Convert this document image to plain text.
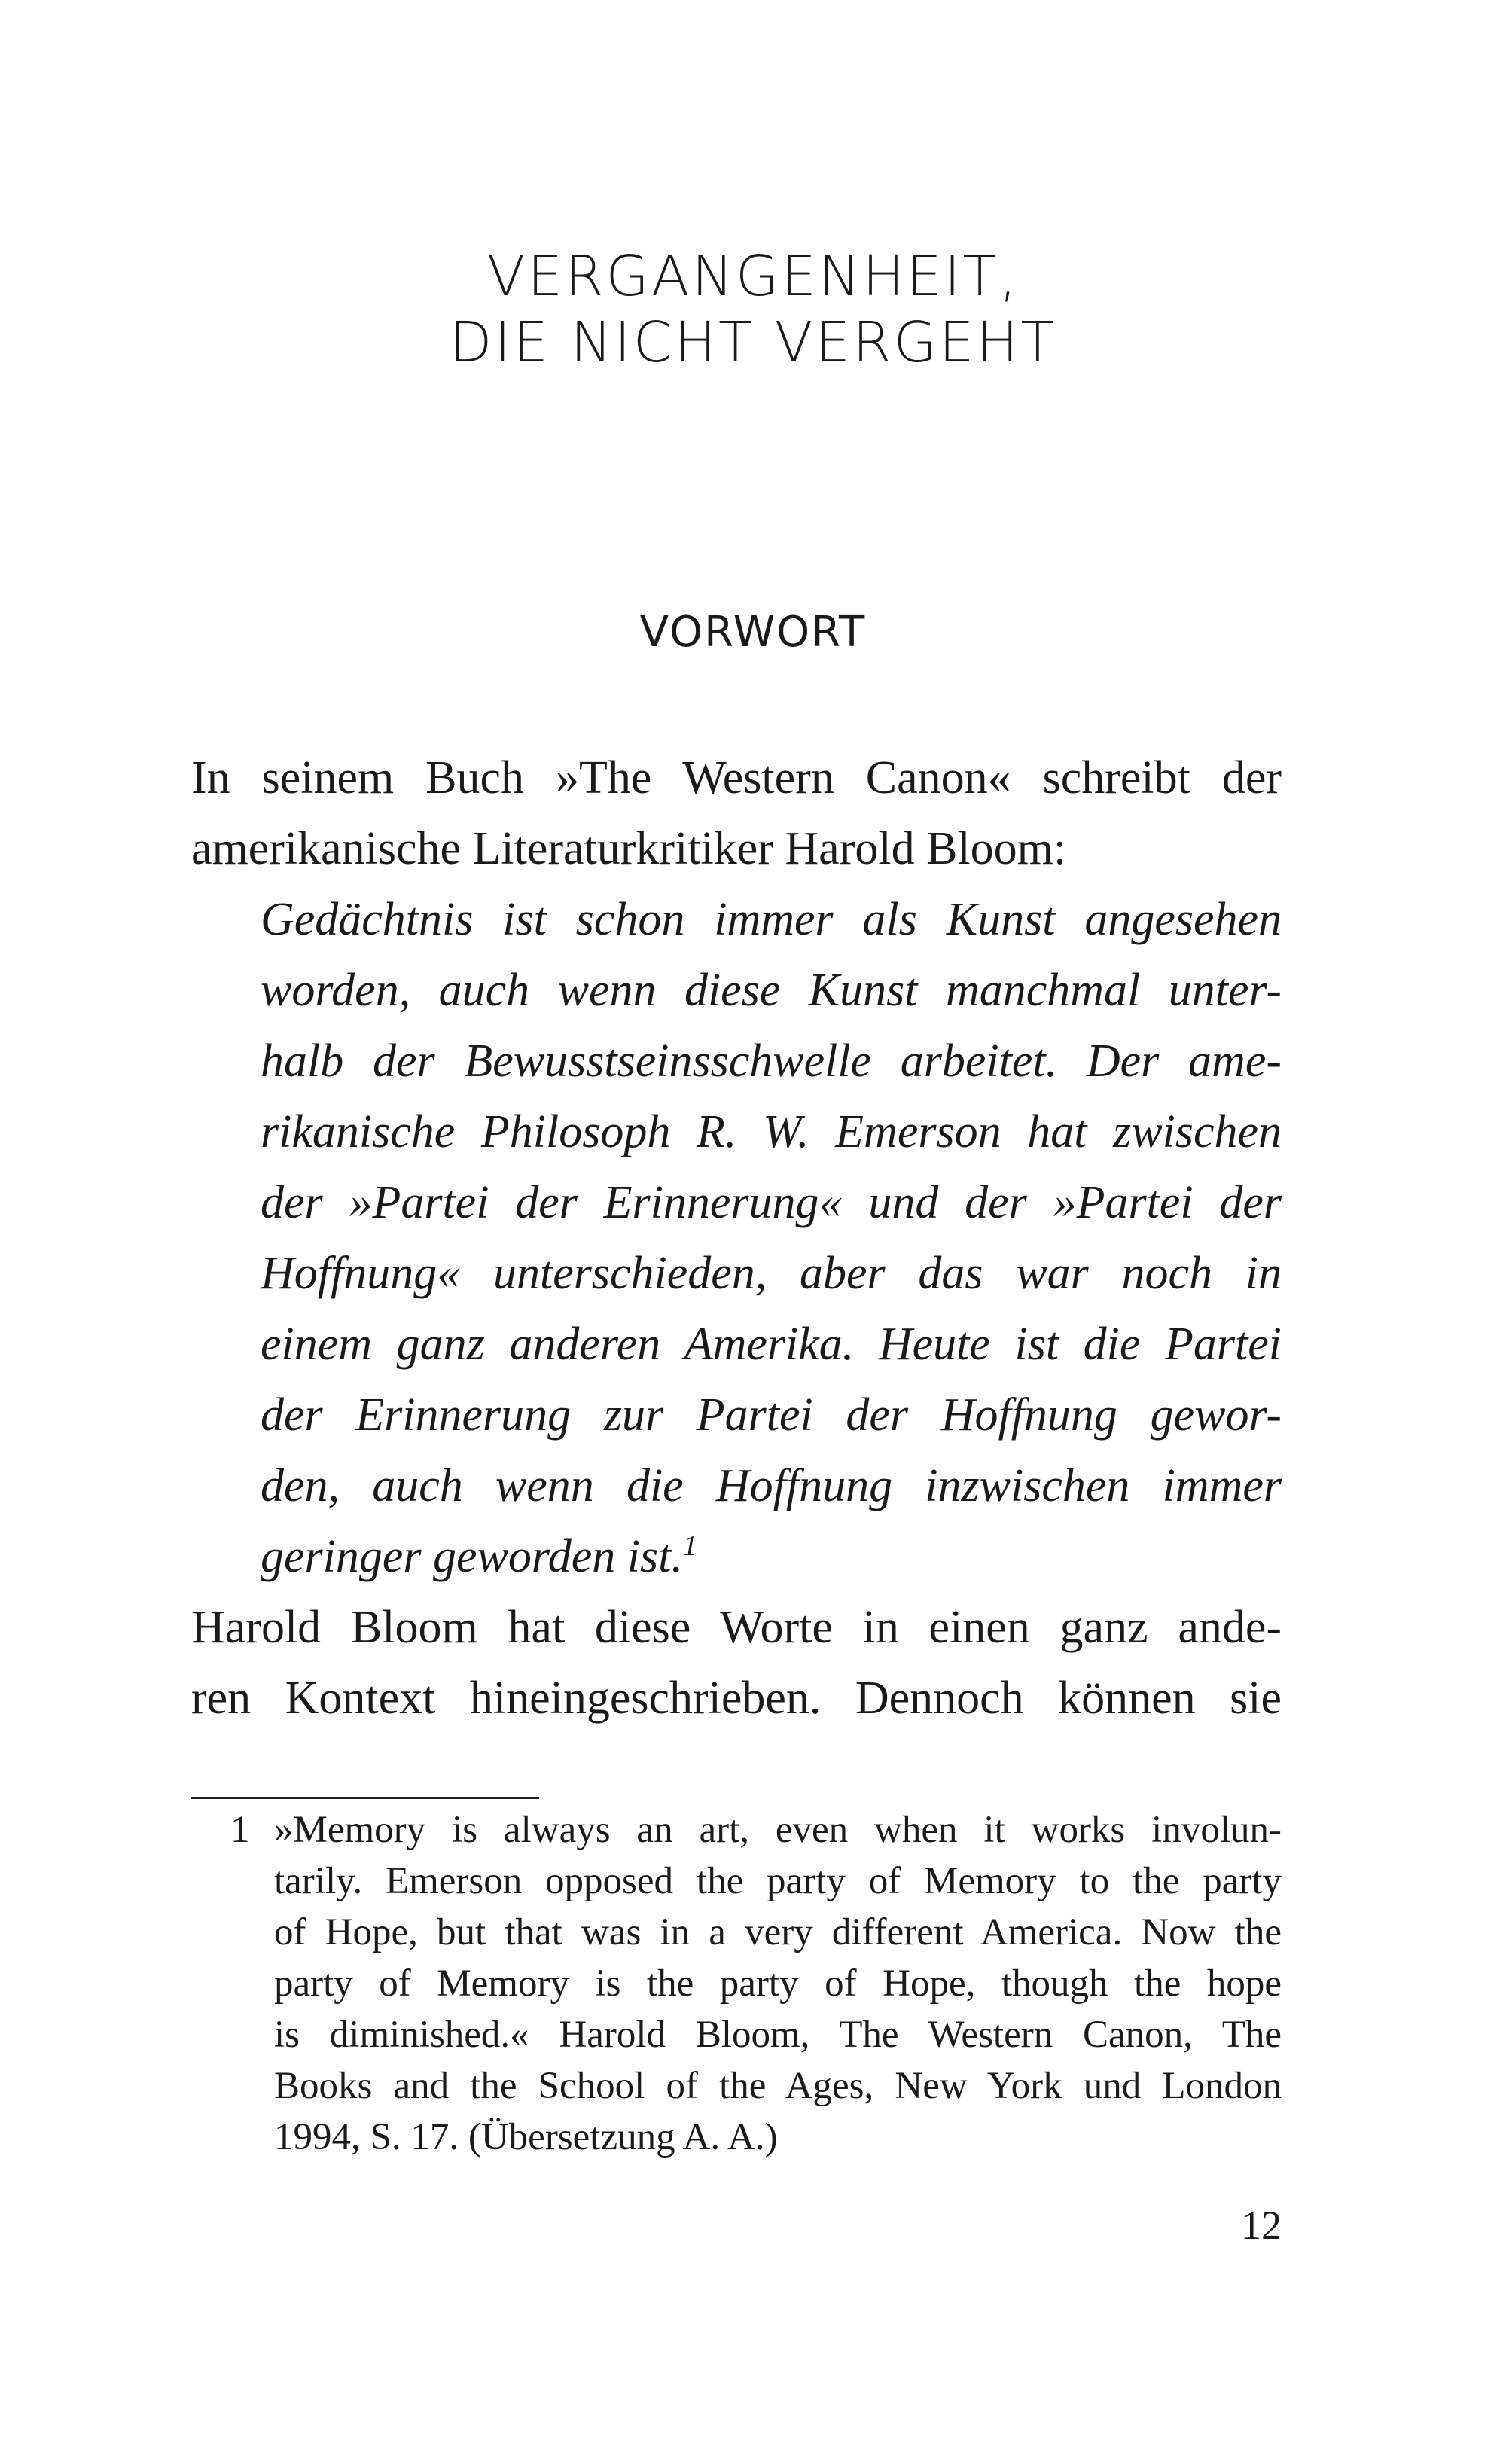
VERGANGENHEIT,
DIE NICHT VERGEHT
VORWORT
In seinem Buch »The Western Canon« schreibt der
amerikanische Literaturkritiker Harold Bloom:
Gedächtnis ist schon immer als Kunst angesehen
worden, auch wenn diese Kunst manchmal unter-
halb der Bewusstseinsschwelle arbeitet. Der ame-
rikanische Philosoph R. W. Emerson hat zwischen
der »Partei der Erinnerung« und der »Partei der
Hoffnung« unterschieden, aber das war noch in
einem ganz anderen Amerika. Heute ist die Partei
der Erinnerung zur Partei der Hoffnung gewor-
den, auch wenn die Hoffnung inzwischen immer
geringer geworden ist.$^1$
Harold Bloom hat diese Worte in einen ganz ande-
ren Kontext hineingeschrieben. Dennoch können sie
1 »Memory is always an art, even when it works involun-
tarily. Emerson opposed the party of Memory to the party
of Hope, but that was in a very different America. Now the
party of Memory is the party of Hope, though the hope
is diminished.« Harold Bloom, The Western Canon, The
Books and the School of the Ages, New York und London
1994, S. 17. (Übersetzung A. A.)
12
